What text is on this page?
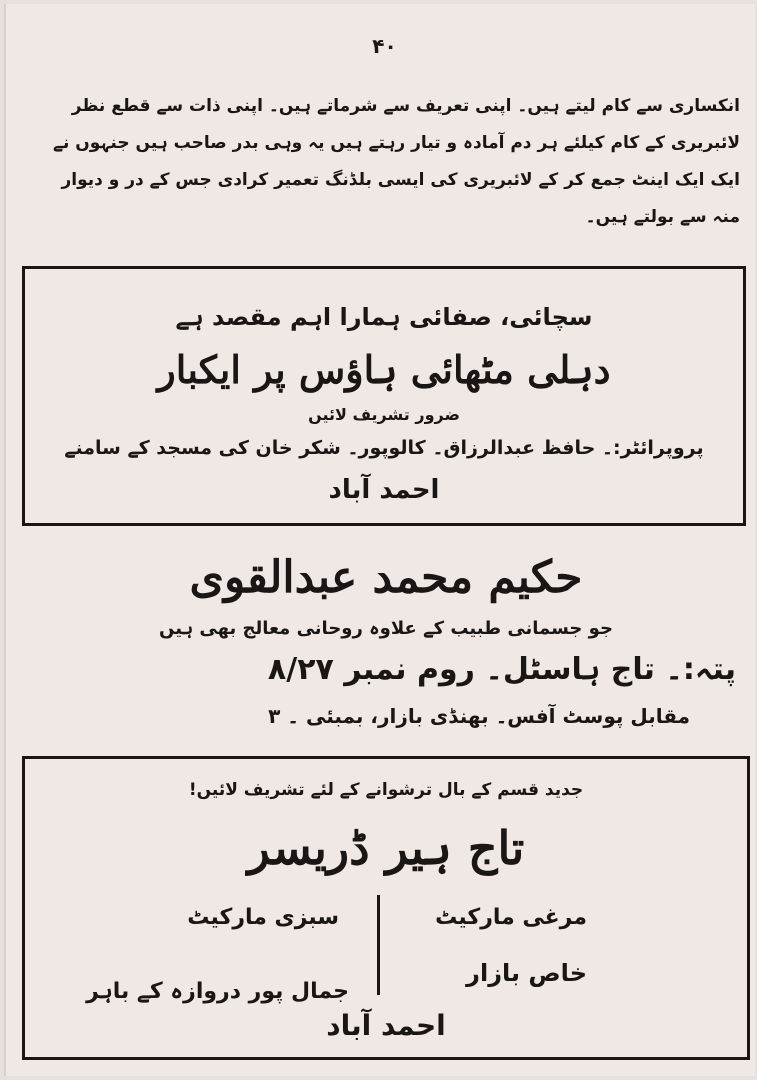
۴۰
انکساری سے کام لیتے ہیں۔ اپنی تعریف سے شرماتے ہیں۔ اپنی ذات سے قطع نظر
لائبریری کے کام کیلئے ہر دم آمادہ و تیار رہتے ہیں یہ وہی بدر صاحب ہیں جنہوں نے
ایک ایک اینٹ جمع کر کے لائبریری کی ایسی بلڈنگ تعمیر کرادی جس کے در و دیوار
منہ سے بولتے ہیں۔
سچائی، صفائی ہمارا اہم مقصد ہے
دہلی مٹھائی ہاؤس پر ایکبار
ضرور تشریف لائیں
پروپرائٹر:۔ حافظ عبدالرزاق۔ کالوپور۔ شکر خان کی مسجد کے سامنے
احمد آباد
حکیم محمد عبدالقوی
جو جسمانی طبیب کے علاوہ روحانی معالج بھی ہیں
پتہ:۔ تاج ہاسٹل۔ روم نمبر ۸/۲۷
مقابل پوسٹ آفس۔ بھنڈی بازار، بمبئی ۔ ۳
جدید قسم کے بال ترشوانے کے لئے تشریف لائیں!
تاج ہیر ڈریسر
مرغی مارکیٹ
خاص بازار
سبزی مارکیٹ
جمال پور دروازہ کے باہر
احمد آباد
